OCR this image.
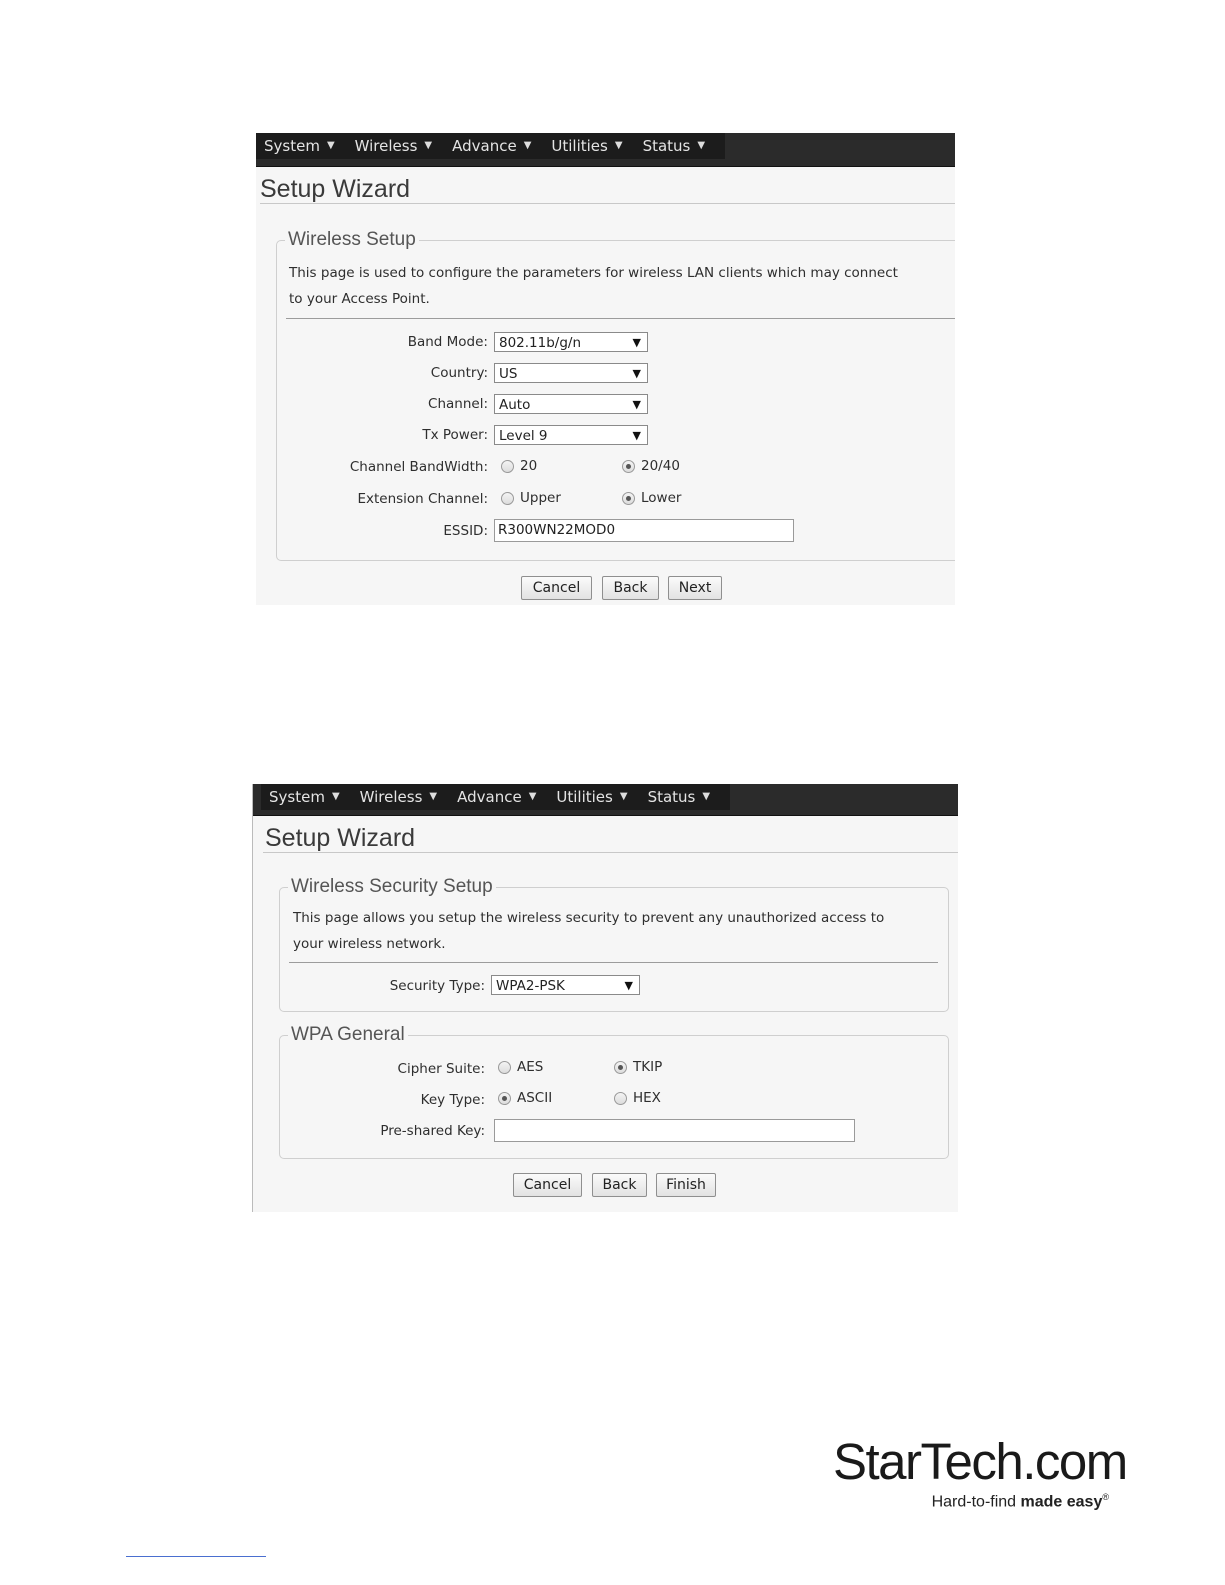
System ▼ Wireless ▼ Advance ▼ Utilities ▼ Status ▼
Setup Wizard
Wireless Setup
This page is used to configure the parameters for wireless LAN clients which may connect
to your Access Point.
Band Mode: 802.11b/g/n	▼
Country: US	▼
Channel: Auto	▼
Tx Power: Level 9	▼
Channel BandWidth: 20	20/40
Extension Channel: Upper	Lower
ESSID: R300WN22MOD0
Cancel	Back	Next
System ▼ Wireless ▼ Advance ▼ Utilities ▼ Status ▼
Setup Wizard
Wireless Security Setup
This page allows you setup the wireless security to prevent any unauthorized access to
your wireless network.
Security Type: WPA2-PSK	▼
WPA General
Cipher Suite: AES	TKIP
Key Type: ASCII	HEX
Pre-shared Key:
Cancel	Back	Finish
StarTech.com
Hard-to-find made easy®
